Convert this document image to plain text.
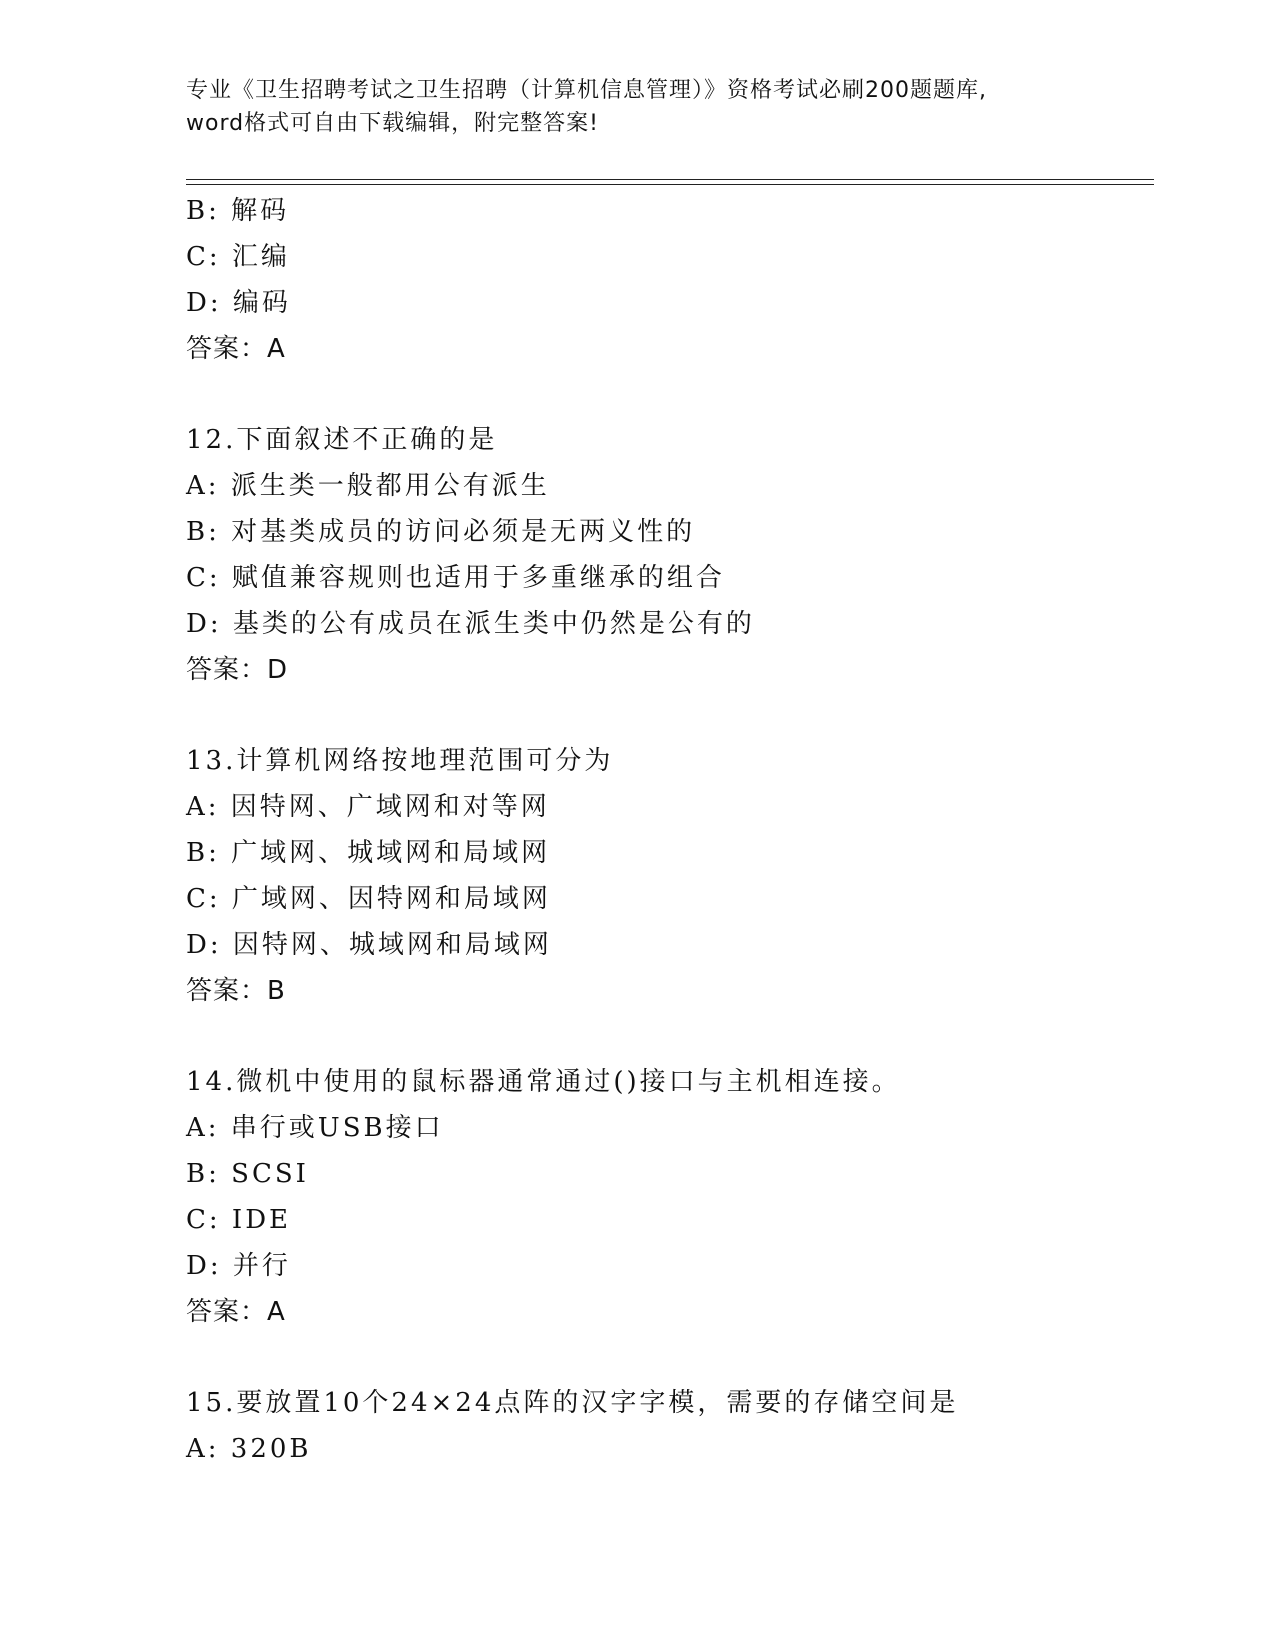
专业《卫生招聘考试之卫生招聘（计算机信息管理）》资格考试必刷200题题库,
word格式可自由下载编辑，附完整答案!
B: 解码
C: 汇编
D: 编码
答案：A
12.下面叙述不正确的是
A: 派生类一般都用公有派生
B: 对基类成员的访问必须是无两义性的
C: 赋值兼容规则也适用于多重继承的组合
D: 基类的公有成员在派生类中仍然是公有的
答案：D
13.计算机网络按地理范围可分为
A: 因特网、广域网和对等网
B: 广域网、城域网和局域网
C: 广域网、因特网和局域网
D: 因特网、城域网和局域网
答案：B
14.微机中使用的鼠标器通常通过()接口与主机相连接。
A: 串行或USB接口
B: SCSI
C: IDE
D: 并行
答案：A
15.要放置10个24×24点阵的汉字字模，需要的存储空间是
A: 320B
